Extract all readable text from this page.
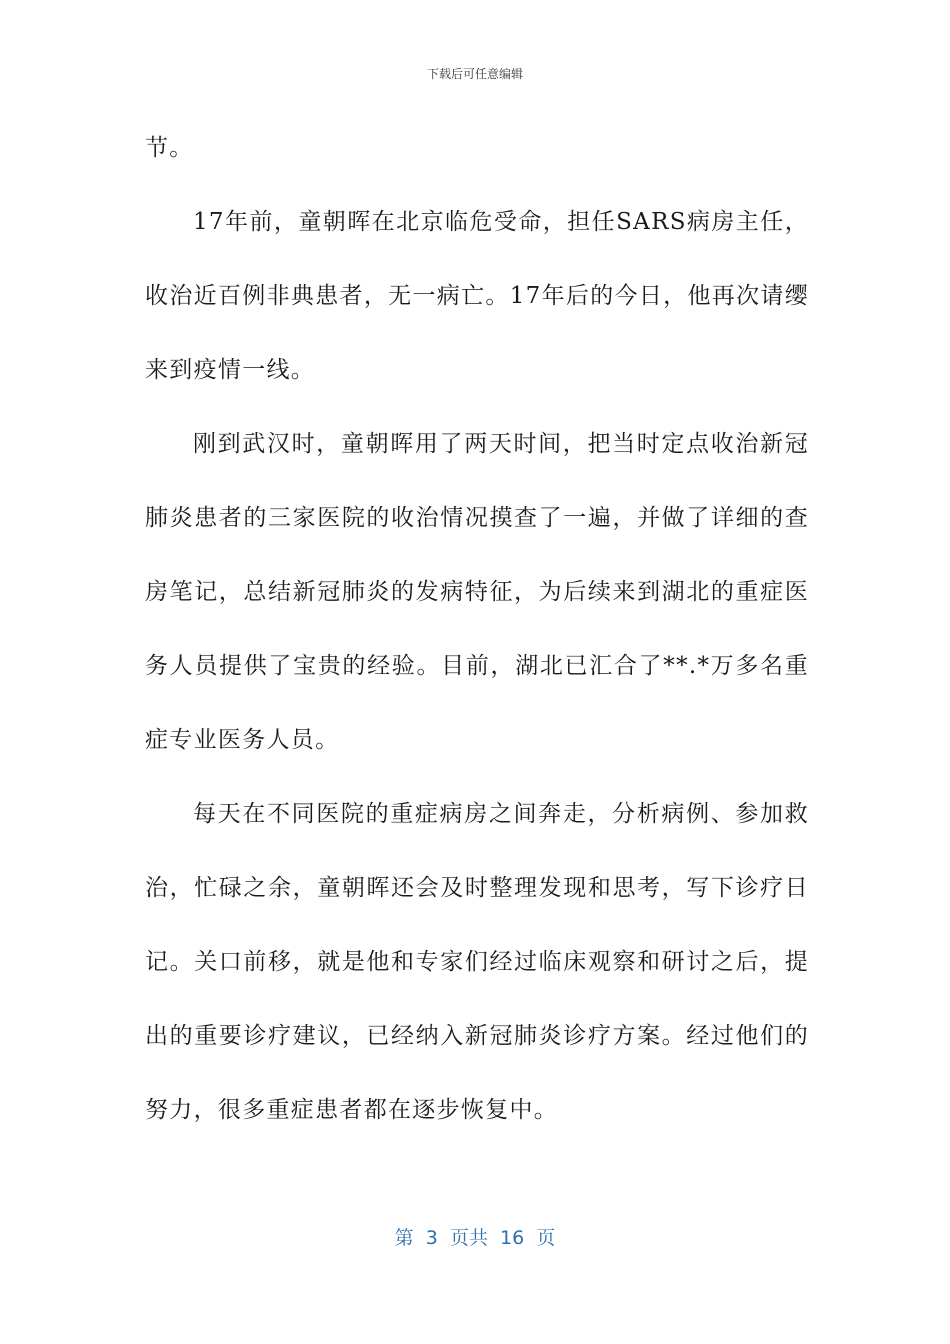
下载后可任意编辑

节。

17年前，童朝晖在北京临危受命，担任SARS病房主任，收治近百例非典患者，无一病亡。17年后的今日，他再次请缨来到疫情一线。

刚到武汉时，童朝晖用了两天时间，把当时定点收治新冠肺炎患者的三家医院的收治情况摸查了一遍，并做了详细的查房笔记，总结新冠肺炎的发病特征，为后续来到湖北的重症医务人员提供了宝贵的经验。目前，湖北已汇合了**.*万多名重症专业医务人员。

每天在不同医院的重症病房之间奔走，分析病例、参加救治，忙碌之余，童朝晖还会及时整理发现和思考，写下诊疗日记。关口前移，就是他和专家们经过临床观察和研讨之后，提出的重要诊疗建议，已经纳入新冠肺炎诊疗方案。经过他们的努力，很多重症患者都在逐步恢复中。

第 3 页共 16 页
